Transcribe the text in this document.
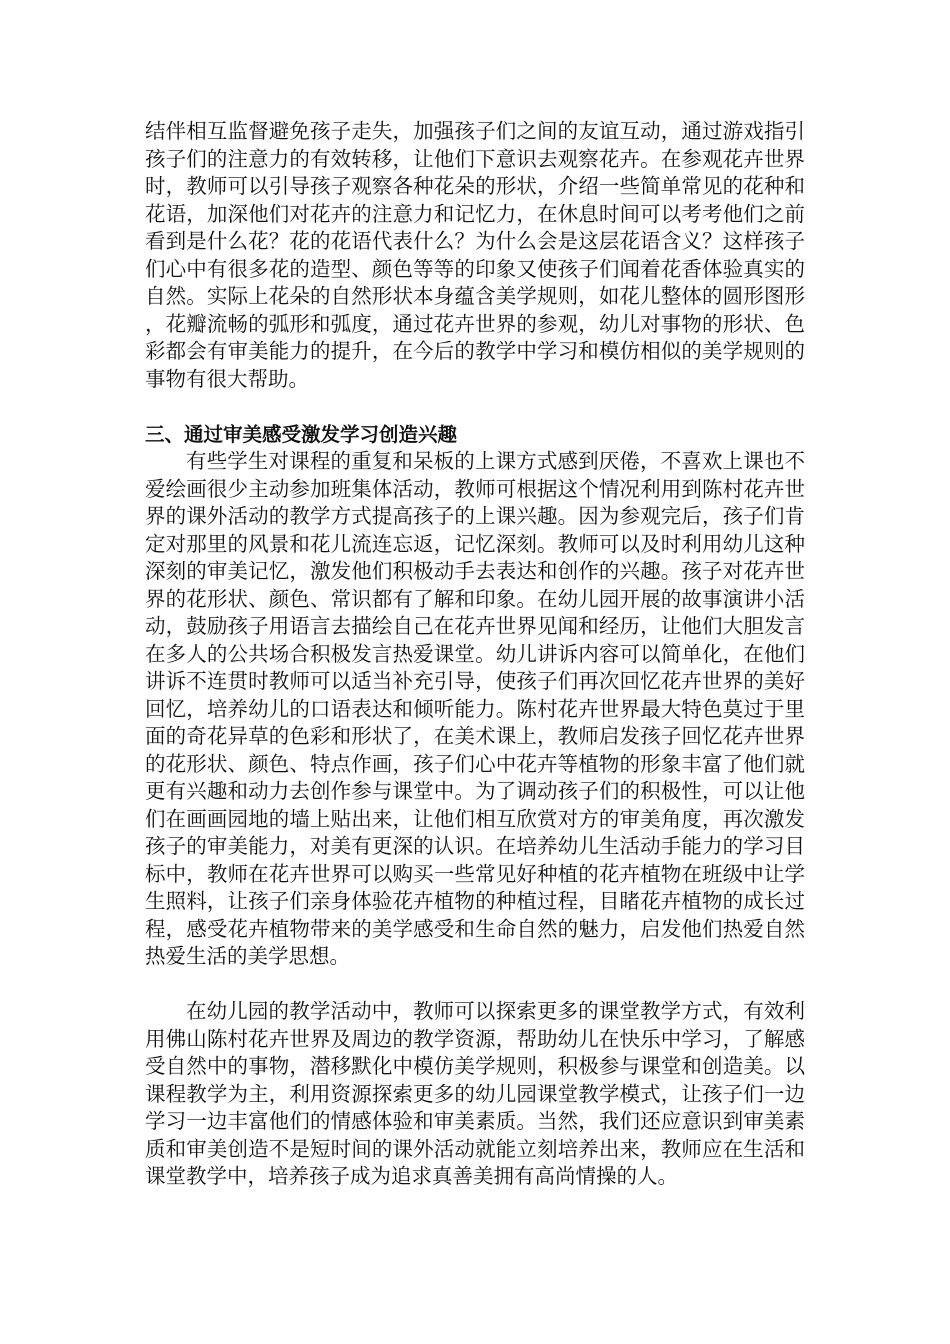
结伴相互监督避免孩子走失，加强孩子们之间的友谊互动，通过游戏指引孩子们的注意力的有效转移，让他们下意识去观察花卉。在参观花卉世界时，教师可以引导孩子观察各种花朵的形状，介绍一些简单常见的花种和花语，加深他们对花卉的注意力和记忆力，在休息时间可以考考他们之前看到是什么花？花的花语代表什么？为什么会是这层花语含义？这样孩子们心中有很多花的造型、颜色等等的印象又使孩子们闻着花香体验真实的自然。实际上花朵的自然形状本身蕴含美学规则，如花儿整体的圆形图形，花瓣流畅的弧形和弧度，通过花卉世界的参观，幼儿对事物的形状、色彩都会有审美能力的提升，在今后的教学中学习和模仿相似的美学规则的事物有很大帮助。

三、通过审美感受激发学习创造兴趣

有些学生对课程的重复和呆板的上课方式感到厌倦，不喜欢上课也不爱绘画很少主动参加班集体活动，教师可根据这个情况利用到陈村花卉世界的课外活动的教学方式提高孩子的上课兴趣。因为参观完后，孩子们肯定对那里的风景和花儿流连忘返，记忆深刻。教师可以及时利用幼儿这种深刻的审美记忆，激发他们积极动手去表达和创作的兴趣。孩子对花卉世界的花形状、颜色、常识都有了解和印象。在幼儿园开展的故事演讲小活动，鼓励孩子用语言去描绘自己在花卉世界见闻和经历，让他们大胆发言在多人的公共场合积极发言热爱课堂。幼儿讲诉内容可以简单化，在他们讲诉不连贯时教师可以适当补充引导，使孩子们再次回忆花卉世界的美好回忆，培养幼儿的口语表达和倾听能力。陈村花卉世界最大特色莫过于里面的奇花异草的色彩和形状了，在美术课上，教师启发孩子回忆花卉世界的花形状、颜色、特点作画，孩子们心中花卉等植物的形象丰富了他们就更有兴趣和动力去创作参与课堂中。为了调动孩子们的积极性，可以让他们在画画园地的墙上贴出来，让他们相互欣赏对方的审美角度，再次激发孩子的审美能力，对美有更深的认识。在培养幼儿生活动手能力的学习目标中，教师在花卉世界可以购买一些常见好种植的花卉植物在班级中让学生照料，让孩子们亲身体验花卉植物的种植过程，目睹花卉植物的成长过程，感受花卉植物带来的美学感受和生命自然的魅力，启发他们热爱自然热爱生活的美学思想。

在幼儿园的教学活动中，教师可以探索更多的课堂教学方式，有效利用佛山陈村花卉世界及周边的教学资源，帮助幼儿在快乐中学习，了解感受自然中的事物，潜移默化中模仿美学规则，积极参与课堂和创造美。以课程教学为主，利用资源探索更多的幼儿园课堂教学模式，让孩子们一边学习一边丰富他们的情感体验和审美素质。当然，我们还应意识到审美素质和审美创造不是短时间的课外活动就能立刻培养出来，教师应在生活和课堂教学中，培养孩子成为追求真善美拥有高尚情操的人。
